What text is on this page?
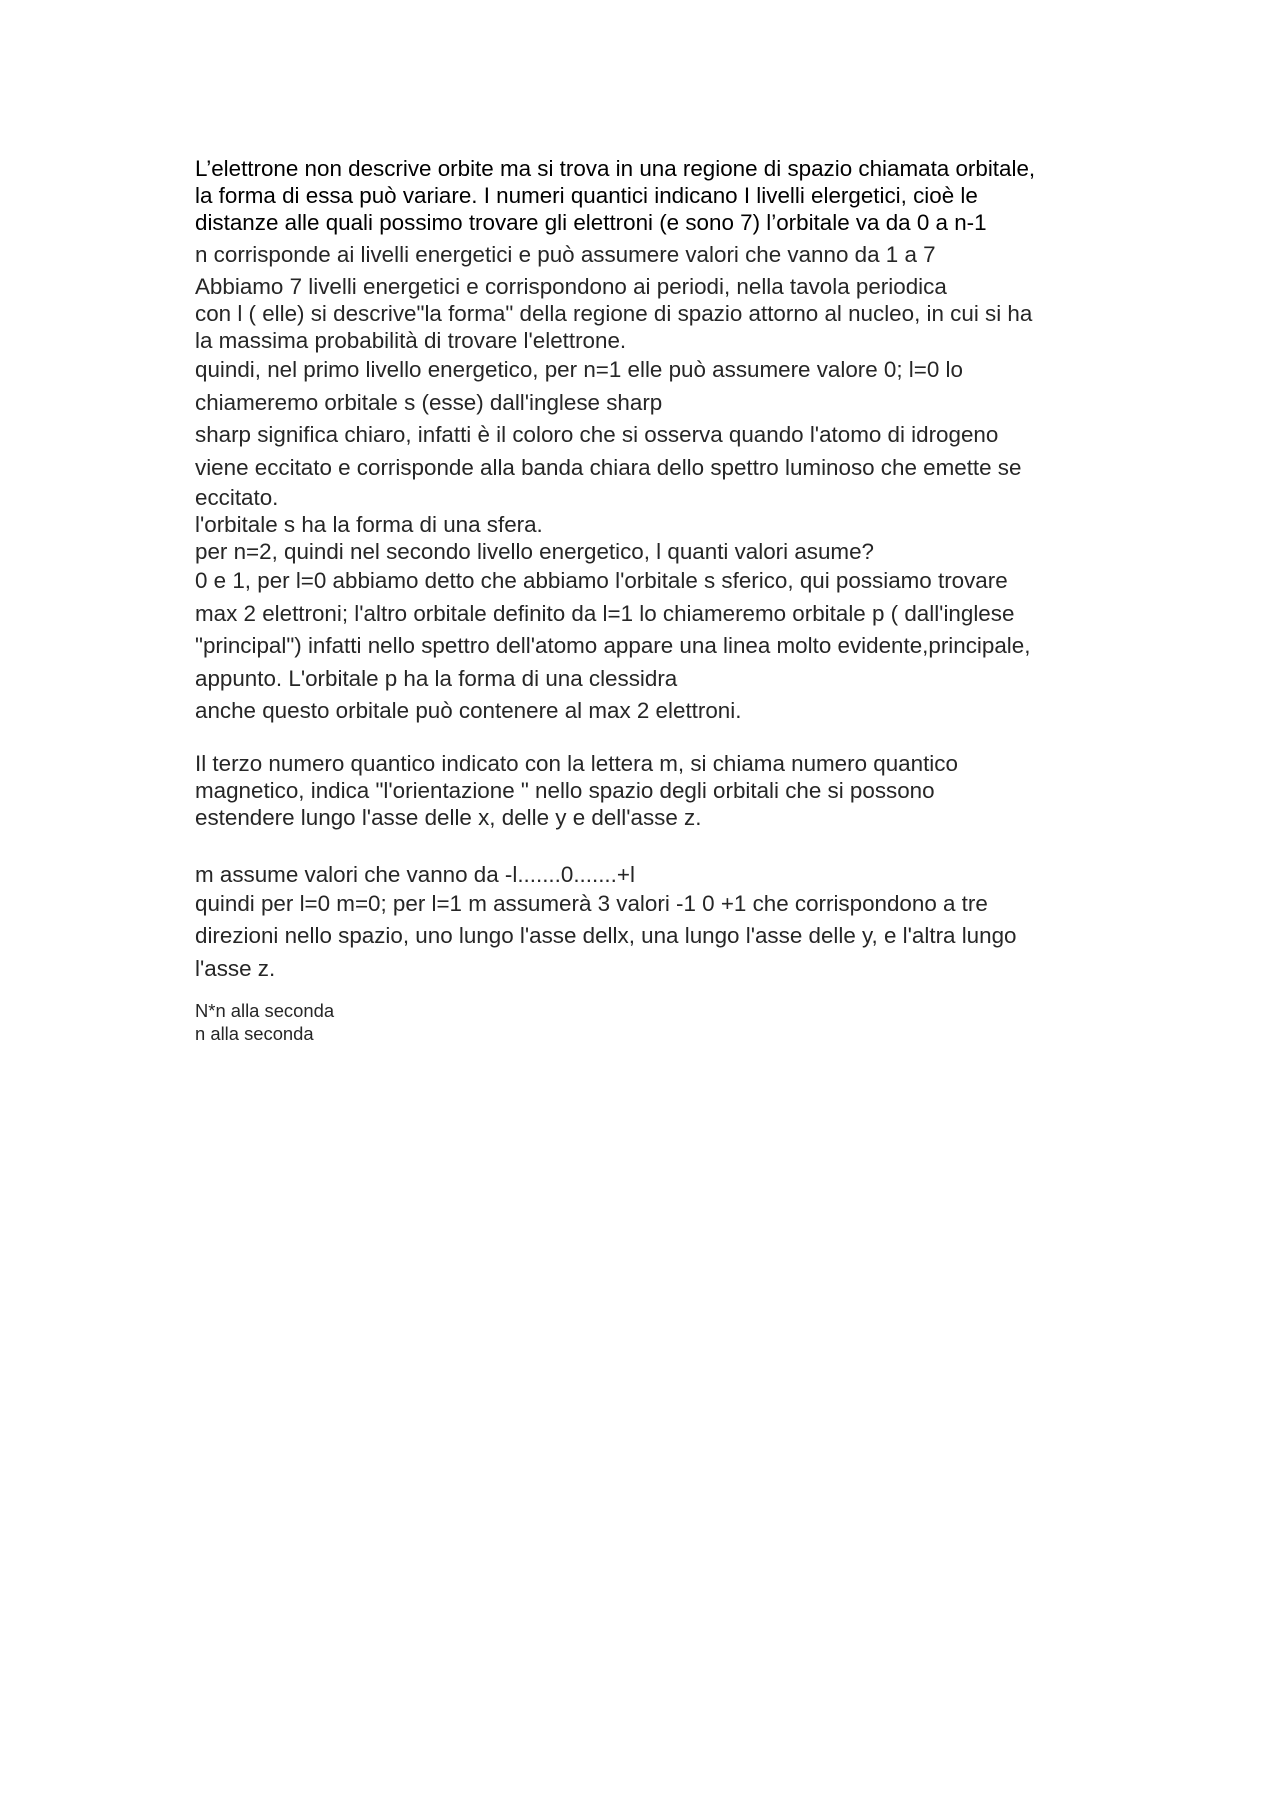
L’elettrone non descrive orbite ma si trova in una regione di spazio chiamata orbitale,
la forma di essa può variare. I numeri quantici indicano I livelli elergetici, cioè le
distanze alle quali possimo trovare gli elettroni (e sono 7) l’orbitale va da 0 a n-1
n corrisponde ai livelli energetici e può assumere valori che vanno da 1 a 7
Abbiamo 7 livelli energetici e corrispondono ai periodi, nella tavola periodica
con l ( elle) si descrive"la forma" della regione di spazio attorno al nucleo, in cui si ha
la massima probabilità di trovare l'elettrone.
quindi, nel primo livello energetico, per n=1 elle può assumere valore 0; l=0 lo
chiameremo orbitale s (esse) dall'inglese sharp
sharp significa chiaro, infatti è il coloro che si osserva quando l'atomo di idrogeno
viene eccitato e corrisponde alla banda chiara dello spettro luminoso che emette se
eccitato.
l'orbitale s ha la forma di una sfera.
per n=2, quindi nel secondo livello energetico, l quanti valori asume?
0 e 1, per l=0 abbiamo detto che abbiamo l'orbitale s sferico, qui possiamo trovare
max 2 elettroni; l'altro orbitale definito da l=1 lo chiameremo orbitale p ( dall'inglese
"principal") infatti nello spettro dell'atomo appare una linea molto evidente,principale,
appunto. L'orbitale p ha la forma di una clessidra
anche questo orbitale può contenere al max 2 elettroni.
Il terzo numero quantico indicato con la lettera m, si chiama numero quantico
magnetico, indica "l'orientazione " nello spazio degli orbitali che si possono
estendere lungo l'asse delle x, delle y e dell'asse z.
m assume valori che vanno da -l.......0.......+l
quindi per l=0 m=0; per l=1 m assumerà 3 valori -1 0 +1 che corrispondono a tre
direzioni nello spazio, uno lungo l'asse dellx, una lungo l'asse delle y, e l'altra lungo
l'asse z.
N*n alla seconda
n alla seconda
